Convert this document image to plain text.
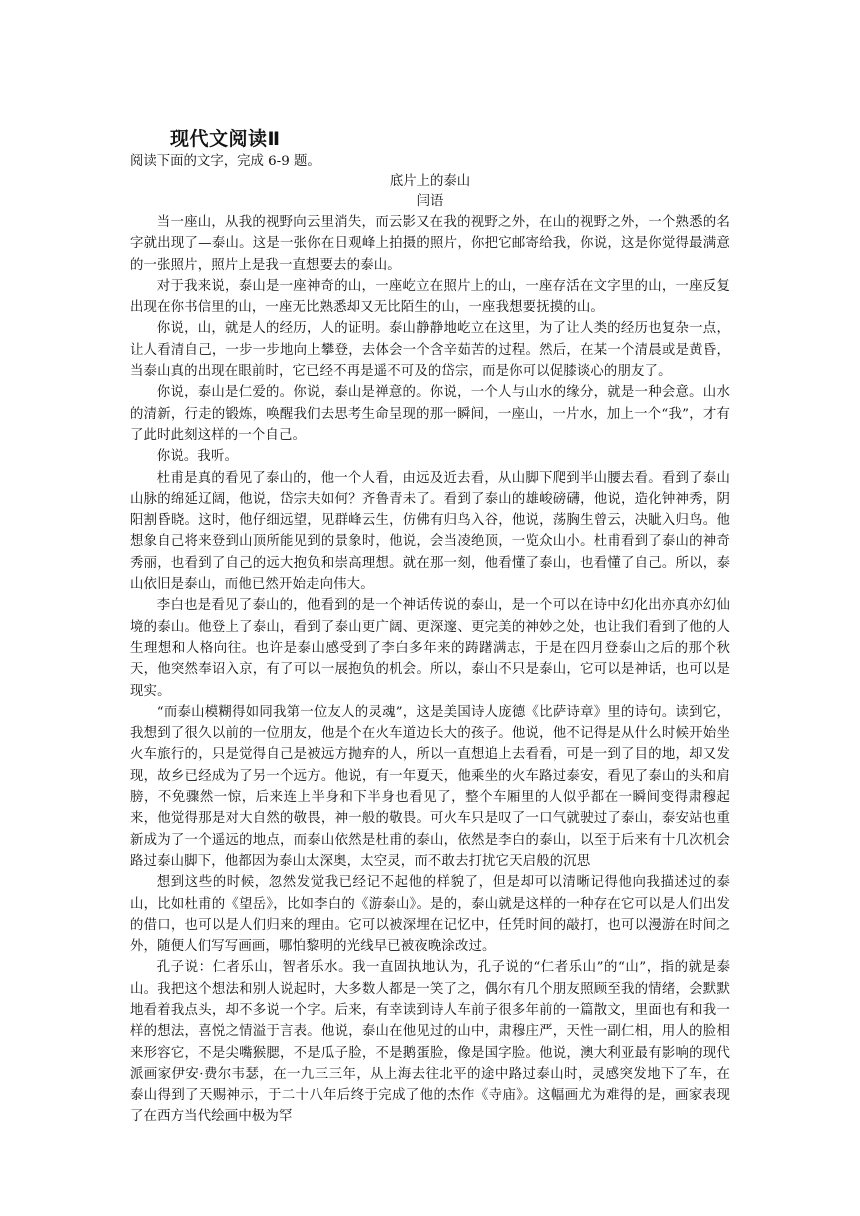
现代文阅读Ⅱ

阅读下面的文字，完成 6-9 题。

底片上的泰山

闫语

当一座山，从我的视野向云里消失，而云影又在我的视野之外，在山的视野之外，一个熟悉的名字就出现了—泰山。这是一张你在日观峰上拍摄的照片，你把它邮寄给我，你说，这是你觉得最满意的一张照片，照片上是我一直想要去的泰山。

对于我来说，泰山是一座神奇的山，一座屹立在照片上的山，一座存活在文字里的山，一座反复出现在你书信里的山，一座无比熟悉却又无比陌生的山，一座我想要抚摸的山。

你说，山，就是人的经历，人的证明。泰山静静地屹立在这里，为了让人类的经历也复杂一点，让人看清自己，一步一步地向上攀登，去体会一个含辛茹苦的过程。然后，在某一个清晨或是黄昏，当泰山真的出现在眼前时，它已经不再是遥不可及的岱宗，而是你可以促膝谈心的朋友了。

你说，泰山是仁爱的。你说，泰山是禅意的。你说，一个人与山水的缘分，就是一种会意。山水的清新，行走的锻炼，唤醒我们去思考生命呈现的那一瞬间，一座山，一片水，加上一个“我”，才有了此时此刻这样的一个自己。

你说。我听。

杜甫是真的看见了泰山的，他一个人看，由远及近去看，从山脚下爬到半山腰去看。看到了泰山山脉的绵延辽阔，他说，岱宗夫如何？齐鲁青未了。看到了泰山的雄峻磅礴，他说，造化钟神秀，阴阳割昏晓。这时，他仔细远望，见群峰云生，仿佛有归鸟入谷，他说，荡胸生曾云，决眦入归鸟。他想象自己将来登到山顶所能见到的景象时，他说，会当凌绝顶，一览众山小。杜甫看到了泰山的神奇秀丽，也看到了自己的远大抱负和崇高理想。就在那一刻，他看懂了泰山，也看懂了自己。所以，泰山依旧是泰山，而他已然开始走向伟大。

李白也是看见了泰山的，他看到的是一个神话传说的泰山，是一个可以在诗中幻化出亦真亦幻仙境的泰山。他登上了泰山，看到了泰山更广阔、更深邃、更完美的神妙之处，也让我们看到了他的人生理想和人格向往。也许是泰山感受到了李白多年来的踌躇满志，于是在四月登泰山之后的那个秋天，他突然奉诏入京，有了可以一展抱负的机会。所以，泰山不只是泰山，它可以是神话，也可以是现实。

“而泰山模糊得如同我第一位友人的灵魂”，这是美国诗人庞德《比萨诗章》里的诗句。读到它，我想到了很久以前的一位朋友，他是个在火车道边长大的孩子。他说，他不记得是从什么时候开始坐火车旅行的，只是觉得自己是被远方抛弃的人，所以一直想追上去看看，可是一到了目的地，却又发现，故乡已经成为了另一个远方。他说，有一年夏天，他乘坐的火车路过泰安，看见了泰山的头和肩膀，不免骤然一惊，后来连上半身和下半身也看见了，整个车厢里的人似乎都在一瞬间变得肃穆起来，他觉得那是对大自然的敬畏，神一般的敬畏。可火车只是叹了一口气就驶过了泰山，泰安站也重新成为了一个遥远的地点，而泰山依然是杜甫的泰山，依然是李白的泰山，以至于后来有十几次机会路过泰山脚下，他都因为泰山太深奥，太空灵，而不敢去打扰它天启般的沉思

想到这些的时候，忽然发觉我已经记不起他的样貌了，但是却可以清晰记得他向我描述过的泰山，比如杜甫的《望岳》，比如李白的《游泰山》。是的，泰山就是这样的一种存在它可以是人们出发的借口，也可以是人们归来的理由。它可以被深埋在记忆中，任凭时间的敲打，也可以漫游在时间之外，随便人们写写画画，哪怕黎明的光线早已被夜晚涂改过。

孔子说：仁者乐山，智者乐水。我一直固执地认为，孔子说的“仁者乐山”的“山”，指的就是泰山。我把这个想法和别人说起时，大多数人都是一笑了之，偶尔有几个朋友照顾至我的情绪，会默默地看着我点头，却不多说一个字。后来，有幸读到诗人车前子很多年前的一篇散文，里面也有和我一样的想法，喜悦之情溢于言表。他说，泰山在他见过的山中，肃穆庄严，天性一副仁相，用人的脸相来形容它，不是尖嘴猴腮，不是瓜子脸，不是鹅蛋脸，像是国字脸。他说，澳大利亚最有影响的现代派画家伊安·费尔韦瑟，在一九三三年，从上海去往北平的途中路过泰山时，灵感突发地下了车，在泰山得到了天赐神示，于二十八年后终于完成了他的杰作《寺庙》。这幅画尤为难得的是，画家表现了在西方当代绘画中极为罕
